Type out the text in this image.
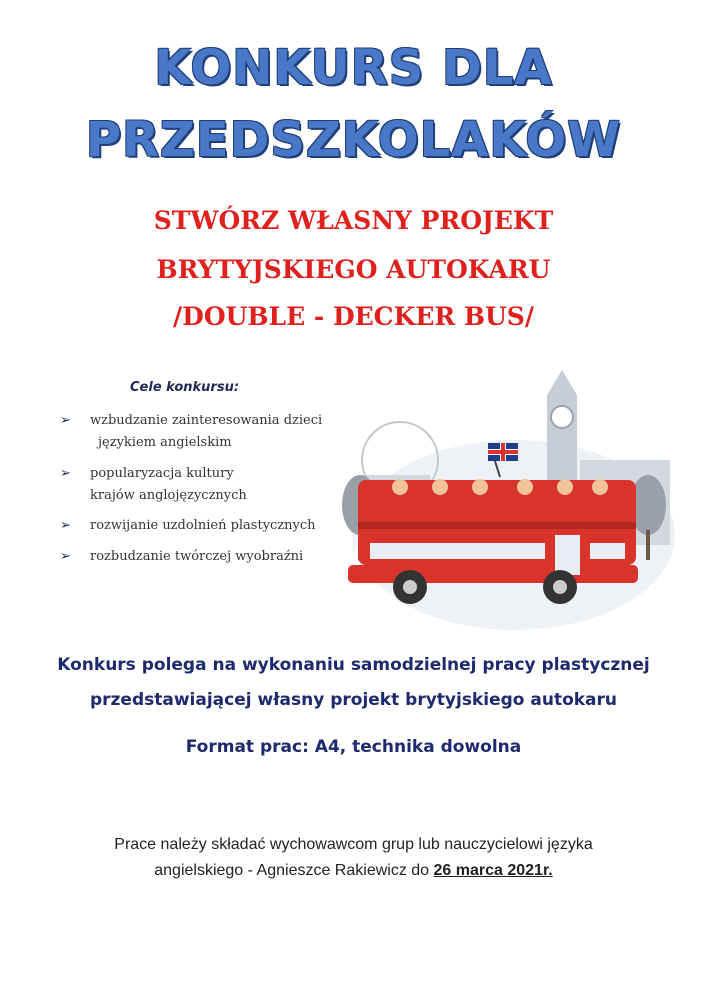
KONKURS DLA
PRZEDSZKOLAKÓW
STWÓRZ WŁASNY PROJEKT
BRYTYJSKIEGO AUTOKARU
/DOUBLE - DECKER BUS/
Cele konkursu:
➢ wzbudzanie zainteresowania dzieci
językiem angielskim
➢ popularyzacja kultury
krajów anglojęzycznych
➢ rozwijanie uzdolnień plastycznych
➢ rozbudzanie twórczej wyobraźni
Konkurs polega na wykonaniu samodzielnej pracy plastycznej
przedstawiającej własny projekt brytyjskiego autokaru
Format prac: A4, technika dowolna
Prace należy składać wychowawcom grup lub nauczycielowi języka
angielskiego - Agnieszce Rakiewicz do 26 marca 2021r.
